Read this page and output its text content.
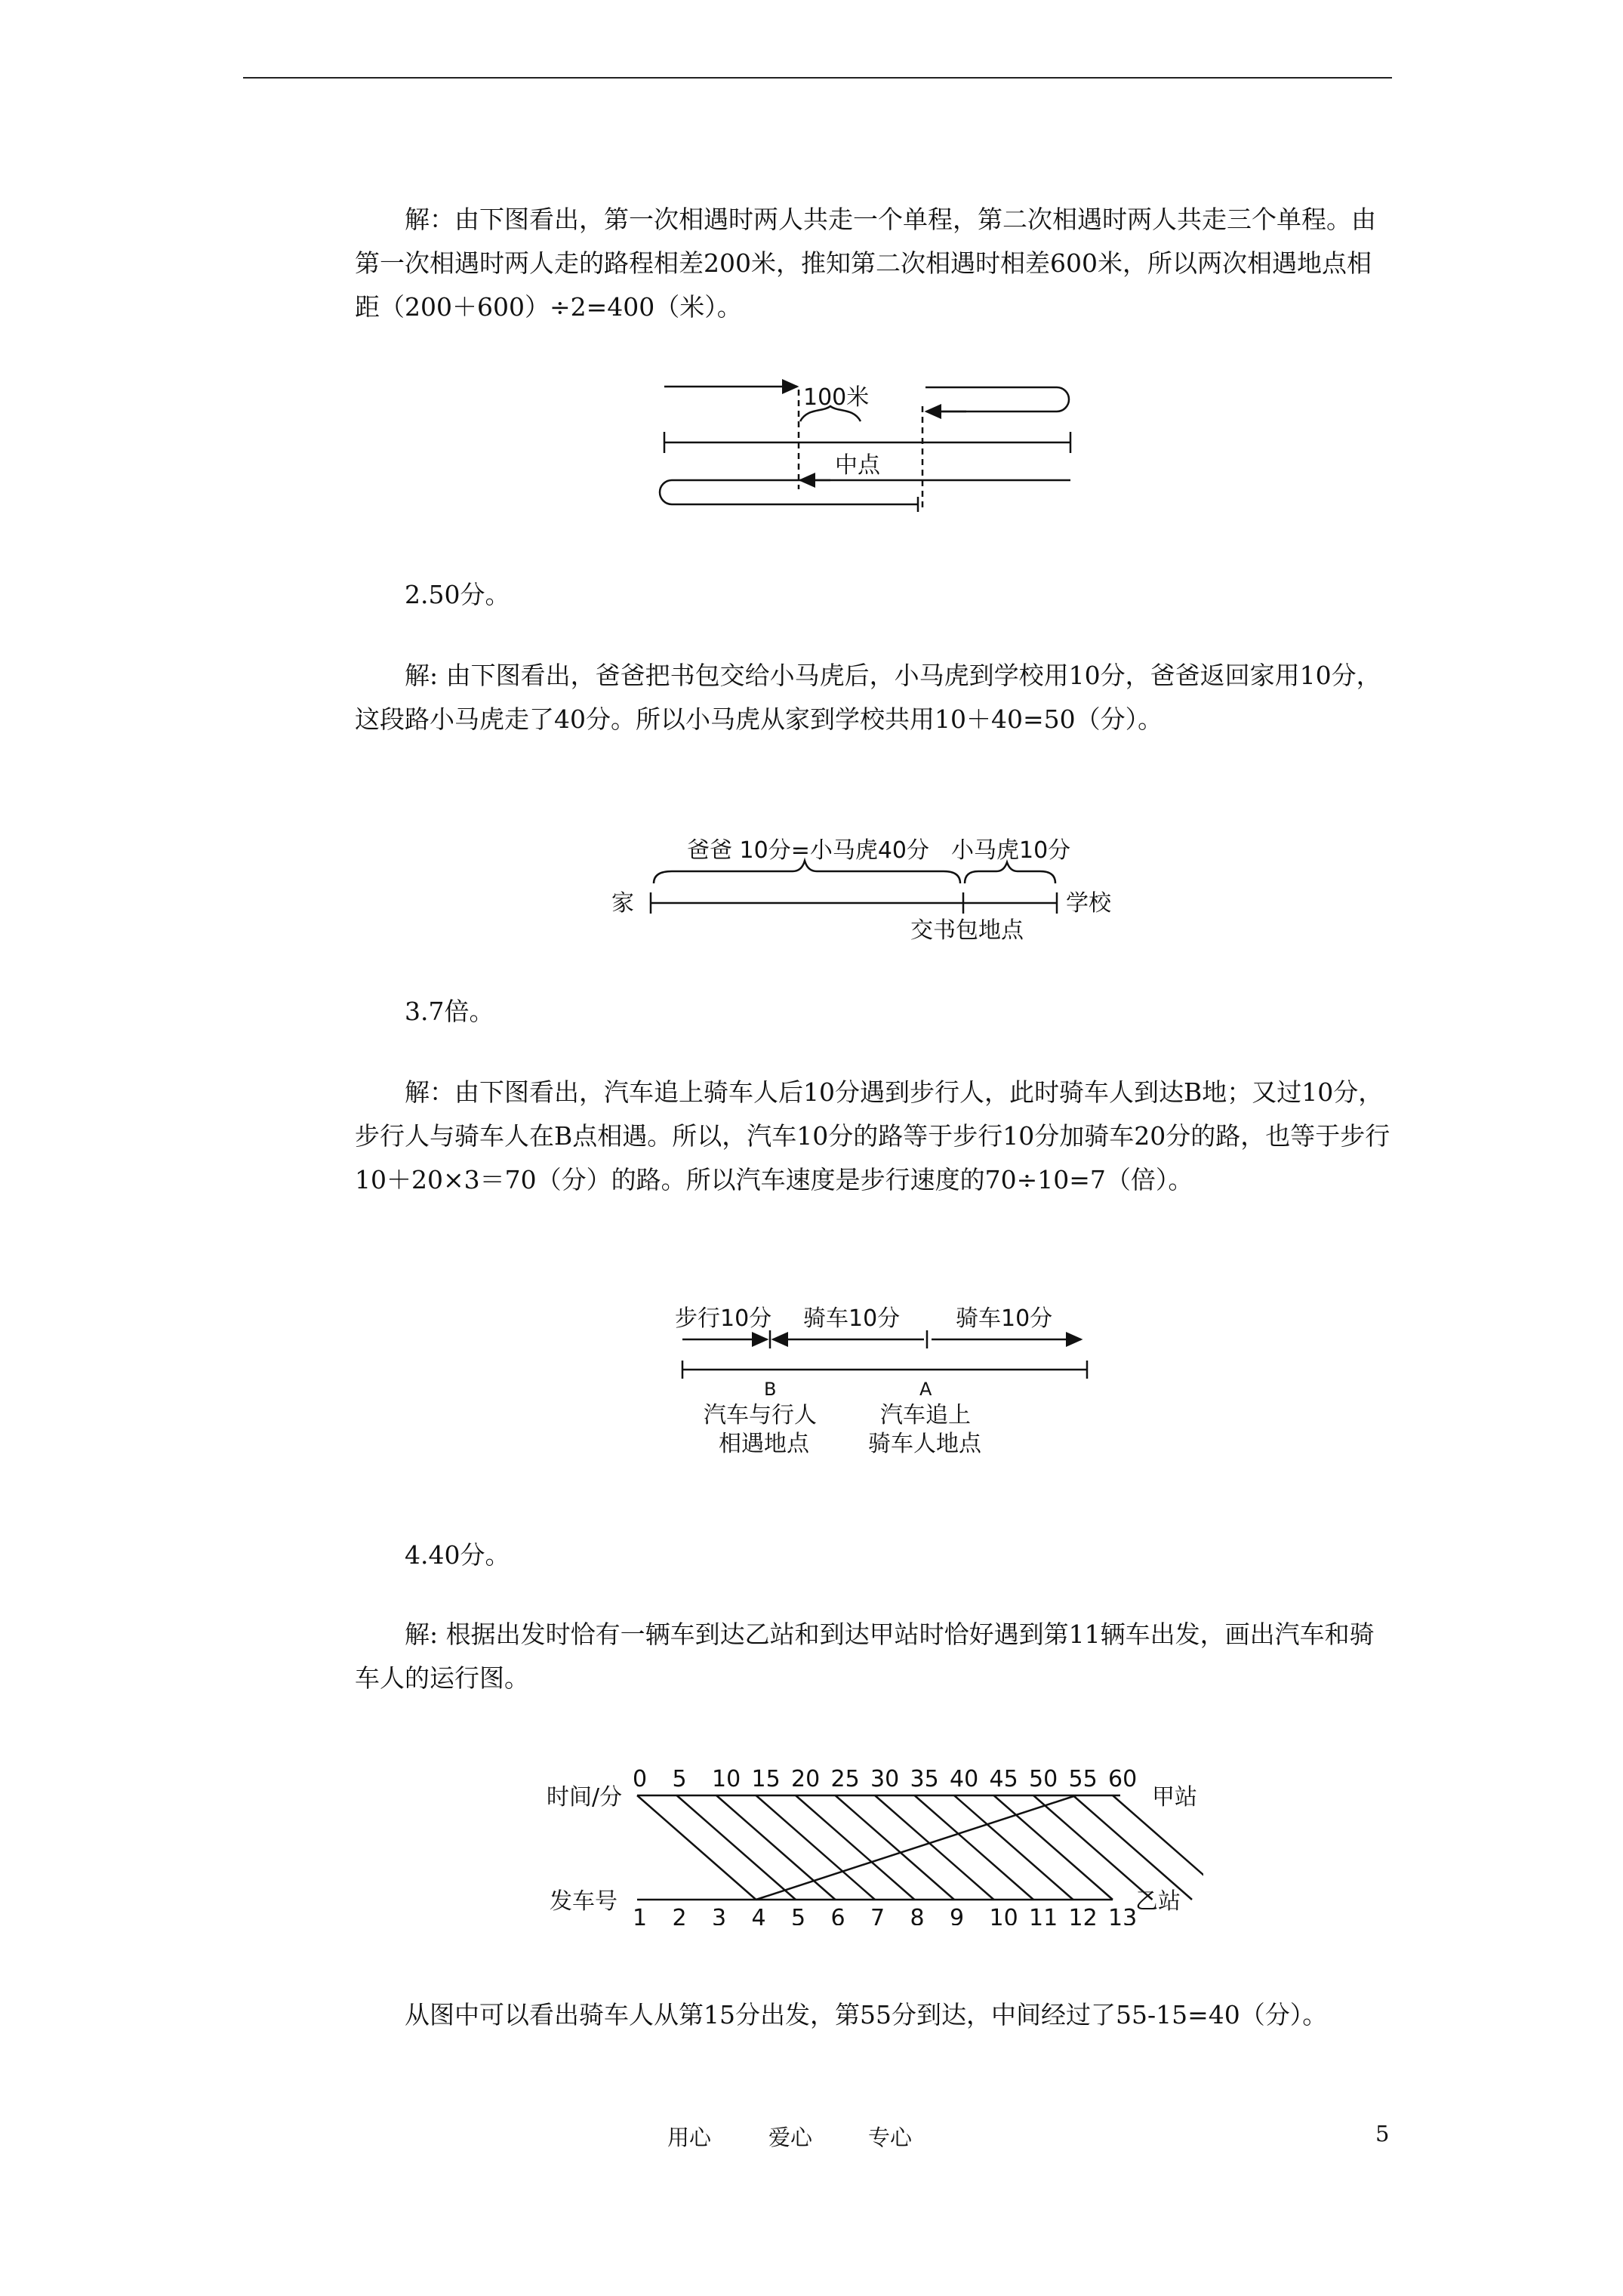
解：由下图看出，第一次相遇时两人共走一个单程，第二次相遇时两人共走三个单程。由第一次相遇时两人走的路程相差200米，推知第二次相遇时相差600米，所以两次相遇地点相距（200＋600）÷2=400（米）。

100米
中点
2.50分。

解: 由下图看出，爸爸把书包交给小马虎后，小马虎到学校用10分，爸爸返回家用10分，这段路小马虎走了40分。所以小马虎从家到学校共用10＋40=50（分）。

爸爸 10分=小马虎40分 小马虎10分
家	学校
交书包地点
3.7倍。

解：由下图看出，汽车追上骑车人后10分遇到步行人，此时骑车人到达B地；又过10分，步行人与骑车人在B点相遇。所以，汽车10分的路等于步行10分加骑车20分的路，也等于步行10＋20×3＝70（分）的路。所以汽车速度是步行速度的70÷10=7（倍）。

步行10分 骑车10分 骑车10分
B	A
汽车与行人
相遇地点
汽车追上
骑车人地点
4.40分。

解: 根据出发时恰有一辆车到达乙站和到达甲站时恰好遇到第11辆车出发，画出汽车和骑车人的运行图。

时间/分
发车号
甲站
乙站
0 5 10 15 20 25 30 35 40 45 50 55 60
1 2 3 4 5 6 7 8 9 10 11 12 13

从图中可以看出骑车人从第15分出发，第55分到达，中间经过了55-15=40（分）。

用心	爱心	专心	5
